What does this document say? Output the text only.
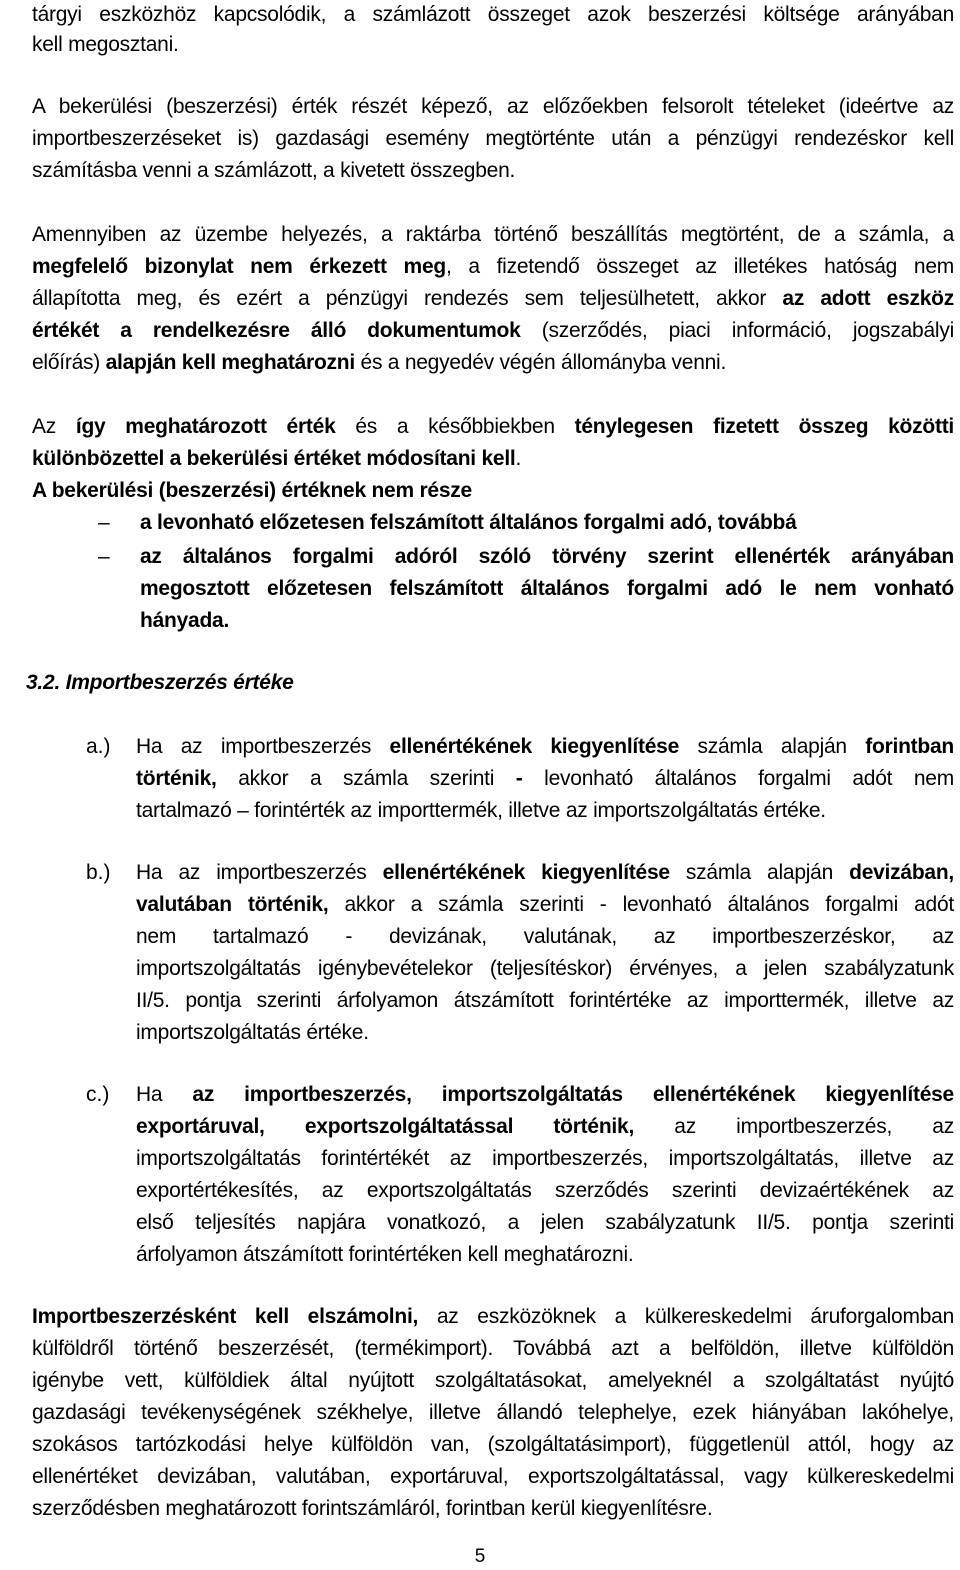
tárgyi eszközhöz kapcsolódik, a számlázott összeget azok beszerzési költsége arányában
kell megosztani.
A bekerülési (beszerzési) érték részét képező, az előzőekben felsorolt tételeket (ideértve az
importbeszerzéseket is) gazdasági esemény megtörténte után a pénzügyi rendezéskor kell
számításba venni a számlázott, a kivetett összegben.
Amennyiben az üzembe helyezés, a raktárba történő beszállítás megtörtént, de a számla, a
megfelelő bizonylat nem érkezett meg, a fizetendő összeget az illetékes hatóság nem
állapította meg, és ezért a pénzügyi rendezés sem teljesülhetett, akkor az adott eszköz
értékét a rendelkezésre álló dokumentumok (szerződés, piaci információ, jogszabályi
előírás) alapján kell meghatározni és a negyedév végén állományba venni.
Az így meghatározott érték és a későbbiekben ténylegesen fizetett összeg közötti
különbözettel a bekerülési értéket módosítani kell.
A bekerülési (beszerzési) értéknek nem része
– a levonható előzetesen felszámított általános forgalmi adó, továbbá
– az általános forgalmi adóról szóló törvény szerint ellenérték arányában
megosztott előzetesen felszámított általános forgalmi adó le nem vonható
hányada.
3.2. Importbeszerzés értéke
a.) Ha az importbeszerzés ellenértékének kiegyenlítése számla alapján forintban
történik, akkor a számla szerinti - levonható általános forgalmi adót nem
tartalmazó – forintérték az importtermék, illetve az importszolgáltatás értéke.
b.) Ha az importbeszerzés ellenértékének kiegyenlítése számla alapján devizában,
valutában történik, akkor a számla szerinti - levonható általános forgalmi adót
nem tartalmazó - devizának, valutának, az importbeszerzéskor, az
importszolgáltatás igénybevételekor (teljesítéskor) érvényes, a jelen szabályzatunk
II/5. pontja szerinti árfolyamon átszámított forintértéke az importtermék, illetve az
importszolgáltatás értéke.
c.) Ha az importbeszerzés, importszolgáltatás ellenértékének kiegyenlítése
exportáruval, exportszolgáltatással történik, az importbeszerzés, az
importszolgáltatás forintértékét az importbeszerzés, importszolgáltatás, illetve az
exportértékesítés, az exportszolgáltatás szerződés szerinti devizaértékének az
első teljesítés napjára vonatkozó, a jelen szabályzatunk II/5. pontja szerinti
árfolyamon átszámított forintértéken kell meghatározni.
Importbeszerzésként kell elszámolni, az eszközöknek a külkereskedelmi áruforgalomban
külföldről történő beszerzését, (termékimport). Továbbá azt a belföldön, illetve külföldön
igénybe vett, külföldiek által nyújtott szolgáltatásokat, amelyeknél a szolgáltatást nyújtó
gazdasági tevékenységének székhelye, illetve állandó telephelye, ezek hiányában lakóhelye,
szokásos tartózkodási helye külföldön van, (szolgáltatásimport), függetlenül attól, hogy az
ellenértéket devizában, valutában, exportáruval, exportszolgáltatással, vagy külkereskedelmi
szerződésben meghatározott forintszámláról, forintban kerül kiegyenlítésre.
5
